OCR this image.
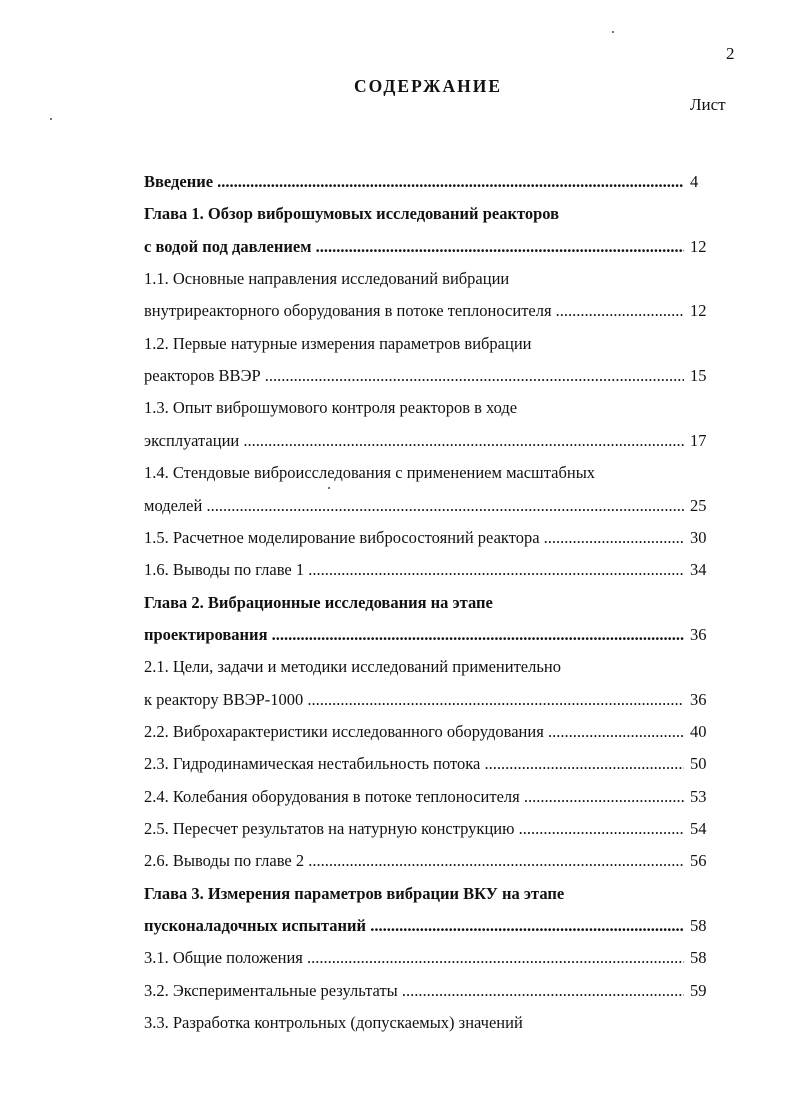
2
СОДЕРЖАНИЕ
Лист
Введение .....	4
Глава 1. Обзор виброшумовых исследований реакторов
с водой под давлением .....	12
1.1. Основные направления исследований вибрации
внутриреакторного оборудования в потоке теплоносителя .....	12
1.2. Первые натурные измерения параметров вибрации
реакторов ВВЭР .....	15
1.3. Опыт виброшумового контроля реакторов в ходе
эксплуатации .....	17
1.4. Стендовые виброисследования с применением масштабных
моделей .....	25
1.5. Расчетное моделирование вибросостояний реактора .....	30
1.6. Выводы по главе 1 .....	34
Глава 2. Вибрационные исследования на этапе
проектирования .....	36
2.1. Цели, задачи и методики исследований применительно
к реактору ВВЭР-1000 .....	36
2.2. Виброхарактеристики исследованного оборудования .....	40
2.3. Гидродинамическая нестабильность потока .....	50
2.4. Колебания оборудования в потоке теплоносителя .....	53
2.5. Пересчет результатов на натурную конструкцию .....	54
2.6. Выводы по главе 2 .....	56
Глава 3. Измерения параметров вибрации ВКУ на этапе
пусконаладочных испытаний .....	58
3.1. Общие положения .....	58
3.2. Экспериментальные результаты .....	59
3.3. Разработка контрольных (допускаемых) значений
